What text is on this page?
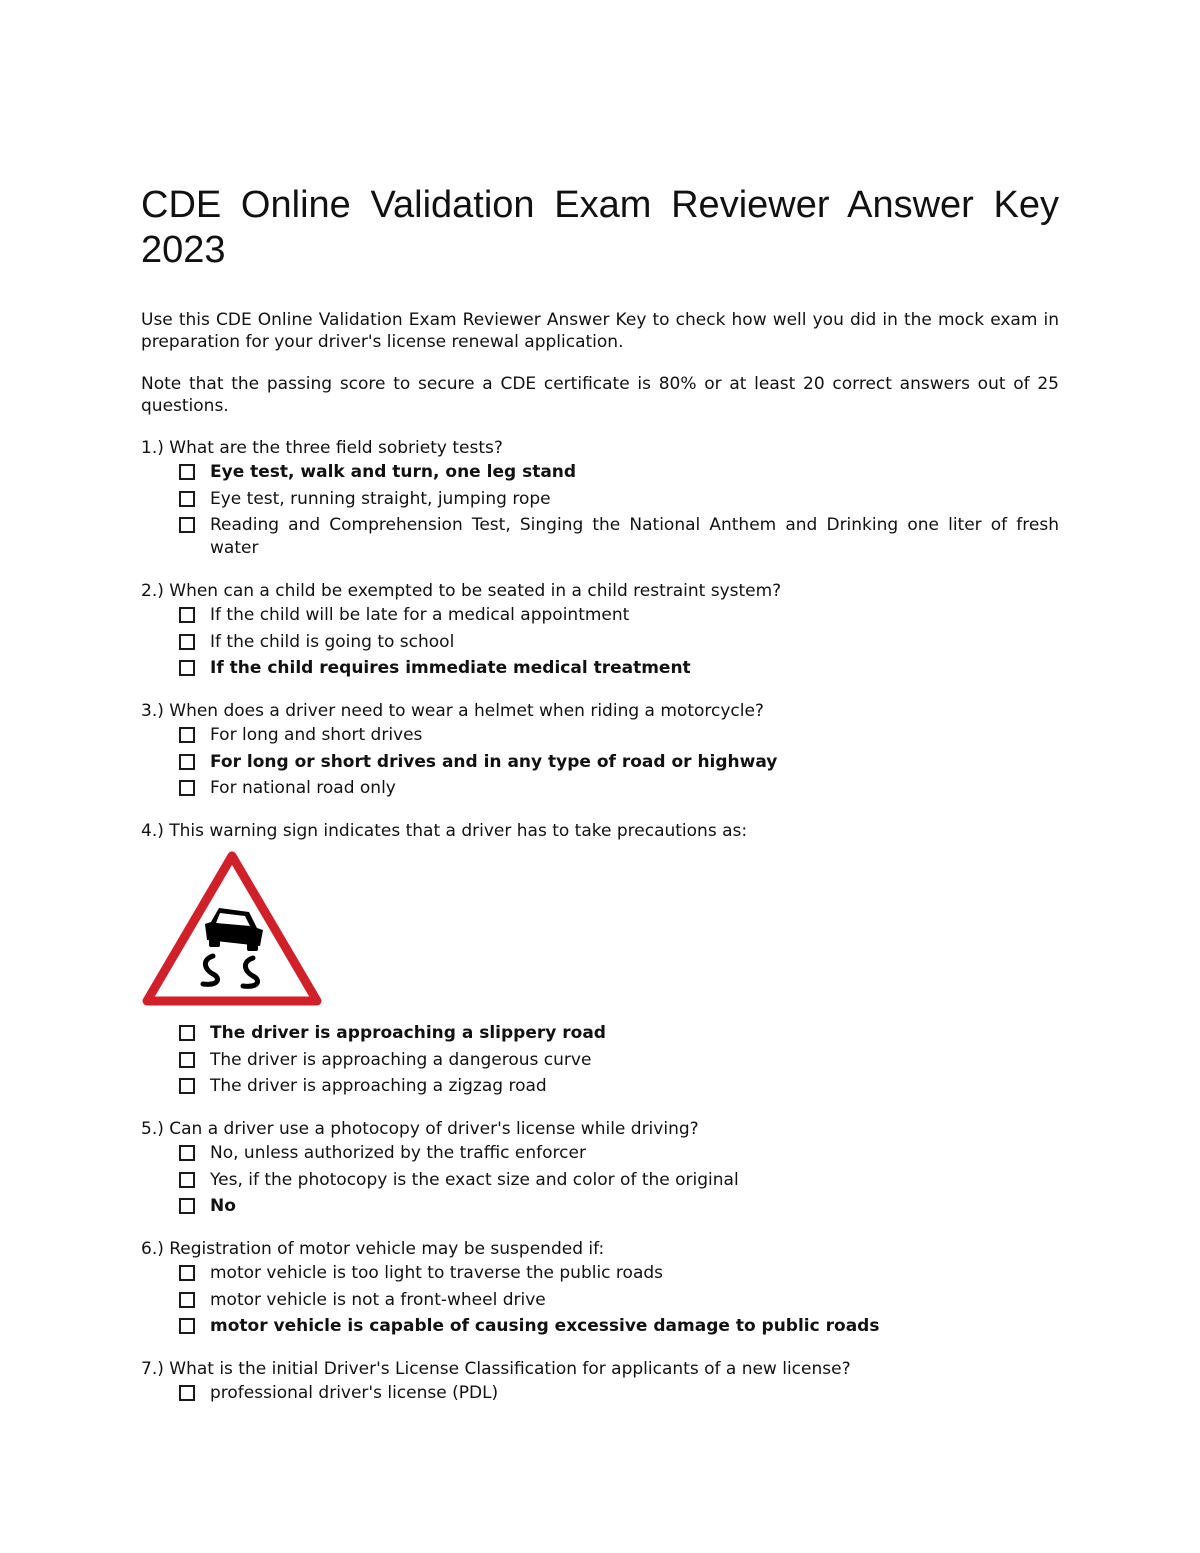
CDE Online Validation Exam Reviewer Answer Key
2023

Use this CDE Online Validation Exam Reviewer Answer Key to check how well you did in the mock exam in preparation for your driver's license renewal application.

Note that the passing score to secure a CDE certificate is 80% or at least 20 correct answers out of 25 questions.

1.) What are the three field sobriety tests?
Eye test, walk and turn, one leg stand
Eye test, running straight, jumping rope
Reading and Comprehension Test, Singing the National Anthem and Drinking one liter of fresh water
2.) When can a child be exempted to be seated in a child restraint system?
If the child will be late for a medical appointment
If the child is going to school
If the child requires immediate medical treatment
3.) When does a driver need to wear a helmet when riding a motorcycle?
For long and short drives
For long or short drives and in any type of road or highway
For national road only
4.) This warning sign indicates that a driver has to take precautions as:
The driver is approaching a slippery road
The driver is approaching a dangerous curve
The driver is approaching a zigzag road
5.) Can a driver use a photocopy of driver's license while driving?
No, unless authorized by the traffic enforcer
Yes, if the photocopy is the exact size and color of the original
No
6.) Registration of motor vehicle may be suspended if:
motor vehicle is too light to traverse the public roads
motor vehicle is not a front-wheel drive
motor vehicle is capable of causing excessive damage to public roads
7.) What is the initial Driver's License Classification for applicants of a new license?
professional driver's license (PDL)
